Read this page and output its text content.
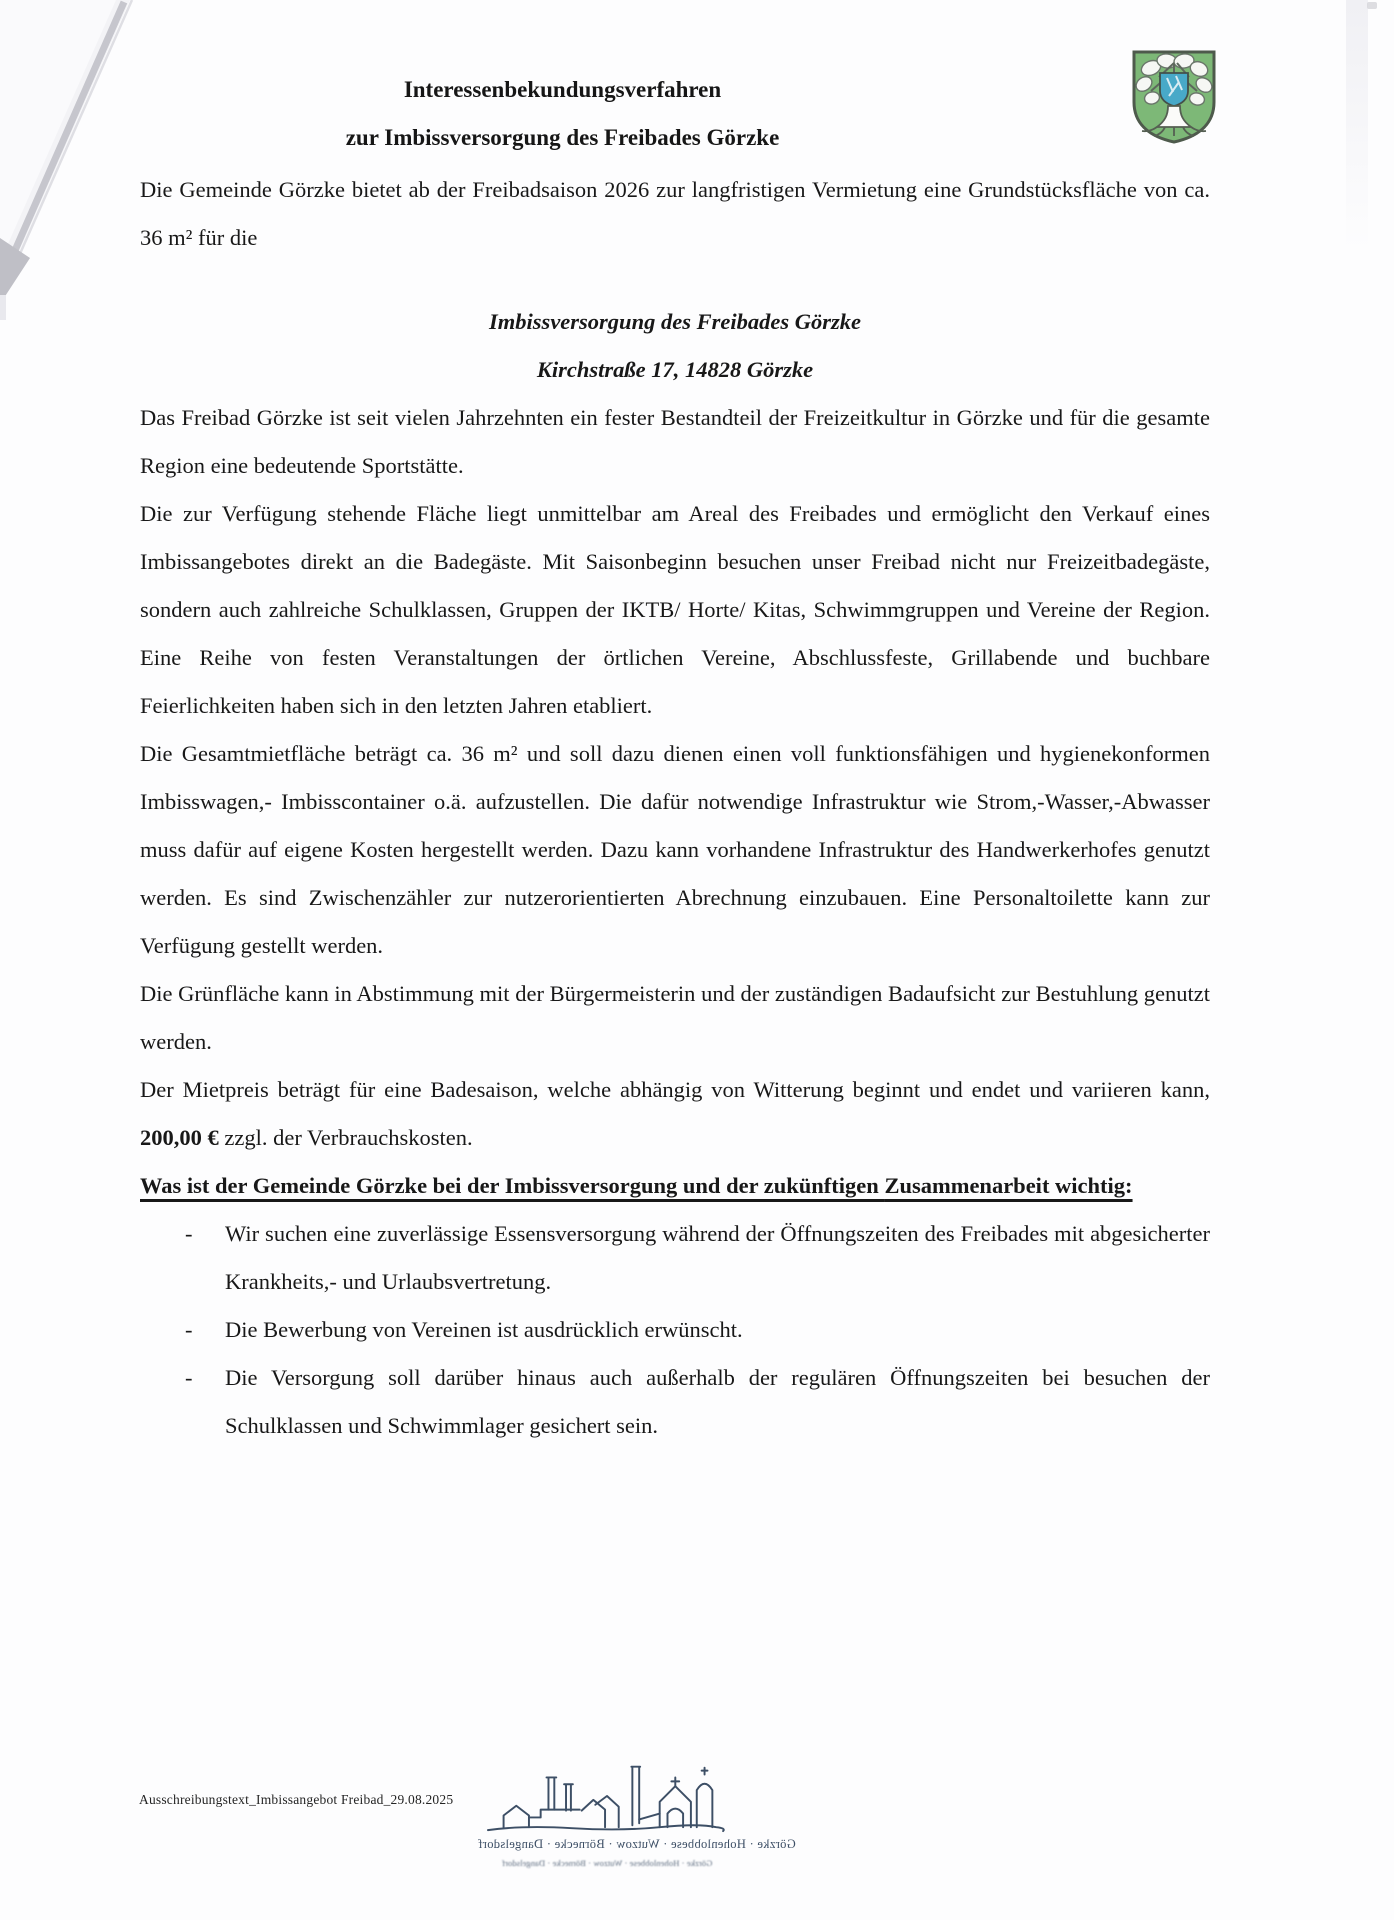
Interessenbekundungsverfahren
zur Imbissversorgung des Freibades Görzke

Die Gemeinde Görzke bietet ab der Freibadsaison 2026 zur langfristigen Vermietung eine Grundstücksfläche von ca. 36 m² für die

Imbissversorgung des Freibades Görzke
Kirchstraße 17, 14828 Görzke

Das Freibad Görzke ist seit vielen Jahrzehnten ein fester Bestandteil der Freizeitkultur in Görzke und für die gesamte Region eine bedeutende Sportstätte.

Die zur Verfügung stehende Fläche liegt unmittelbar am Areal des Freibades und ermöglicht den Verkauf eines Imbissangebotes direkt an die Badegäste. Mit Saisonbeginn besuchen unser Freibad nicht nur Freizeitbadegäste, sondern auch zahlreiche Schulklassen, Gruppen der IKTB/ Horte/ Kitas, Schwimmgruppen und Vereine der Region. Eine Reihe von festen Veranstaltungen der örtlichen Vereine, Abschlussfeste, Grillabende und buchbare Feierlichkeiten haben sich in den letzten Jahren etabliert.

Die Gesamtmietfläche beträgt ca. 36 m² und soll dazu dienen einen voll funktionsfähigen und hygienekonformen Imbisswagen,- Imbisscontainer o.ä. aufzustellen. Die dafür notwendige Infrastruktur wie Strom,-Wasser,-Abwasser muss dafür auf eigene Kosten hergestellt werden. Dazu kann vorhandene Infrastruktur des Handwerkerhofes genutzt werden. Es sind Zwischenzähler zur nutzerorientierten Abrechnung einzubauen. Eine Personaltoilette kann zur Verfügung gestellt werden.

Die Grünfläche kann in Abstimmung mit der Bürgermeisterin und der zuständigen Badaufsicht zur Bestuhlung genutzt werden.

Der Mietpreis beträgt für eine Badesaison, welche abhängig von Witterung beginnt und endet und variieren kann, 200,00 € zzgl. der Verbrauchskosten.

Was ist der Gemeinde Görzke bei der Imbissversorgung und der zukünftigen Zusammenarbeit wichtig:

- Wir suchen eine zuverlässige Essensversorgung während der Öffnungszeiten des Freibades mit abgesicherter Krankheits,- und Urlaubsvertretung.
- Die Bewerbung von Vereinen ist ausdrücklich erwünscht.
- Die Versorgung soll darüber hinaus auch außerhalb der regulären Öffnungszeiten bei besuchen der Schulklassen und Schwimmlager gesichert sein.
Ausschreibungstext_Imbissangebot Freibad_29.08.2025
Görzke · Hohenlobbese · Wutzow · Börnecke · Dangelsdorf
Görzke · Hohenlobbese · Wutzow · Börnecke · Dangelsdorf
